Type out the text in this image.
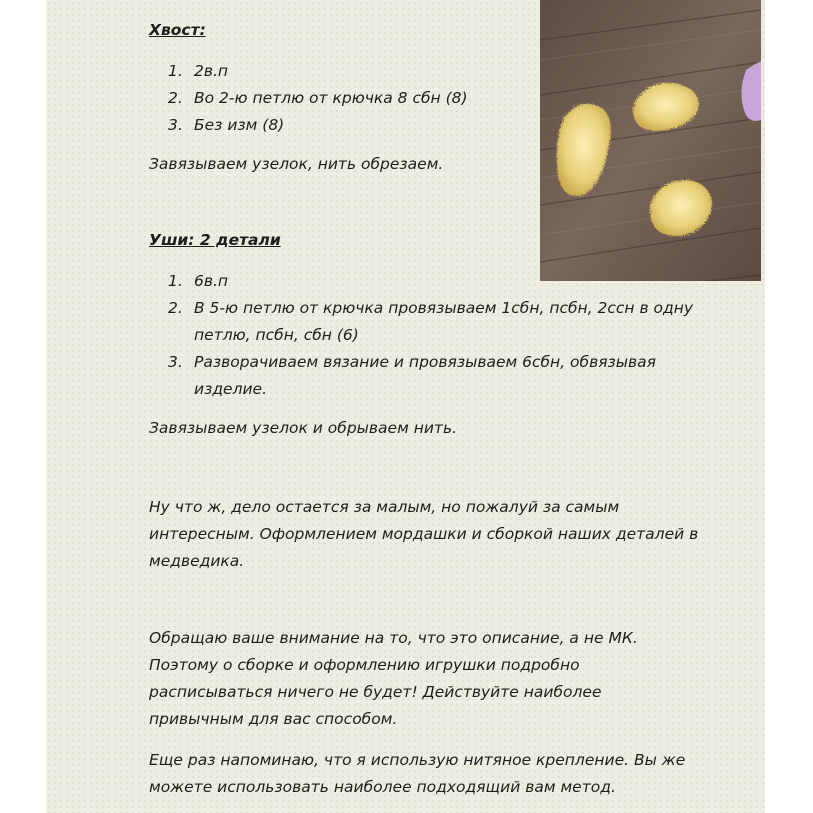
Хвост:

1. 2в.п
2. Во 2-ю петлю от крючка 8 сбн (8)
3. Без изм (8)

Завязываем узелок, нить обрезаем.

Уши: 2 детали

1. 6в.п
2. В 5-ю петлю от крючка провязываем 1сбн, псбн, 2ссн в одну
петлю, псбн, сбн (6)
3. Разворачиваем вязание и провязываем 6сбн, обвязывая
изделие.

Завязываем узелок и обрываем нить.

Ну что ж, дело остается за малым, но пожалуй за самым
интересным. Оформлением мордашки и сборкой наших деталей в
медведика.
Обращаю ваше внимание на то, что это описание, а не МК.
Поэтому о сборке и оформлению игрушки подробно
расписываться ничего не будет! Действуйте наиболее
привычным для вас способом.
Еще раз напоминаю, что я использую нитяное крепление. Вы же
можете использовать наиболее подходящий вам метод.
